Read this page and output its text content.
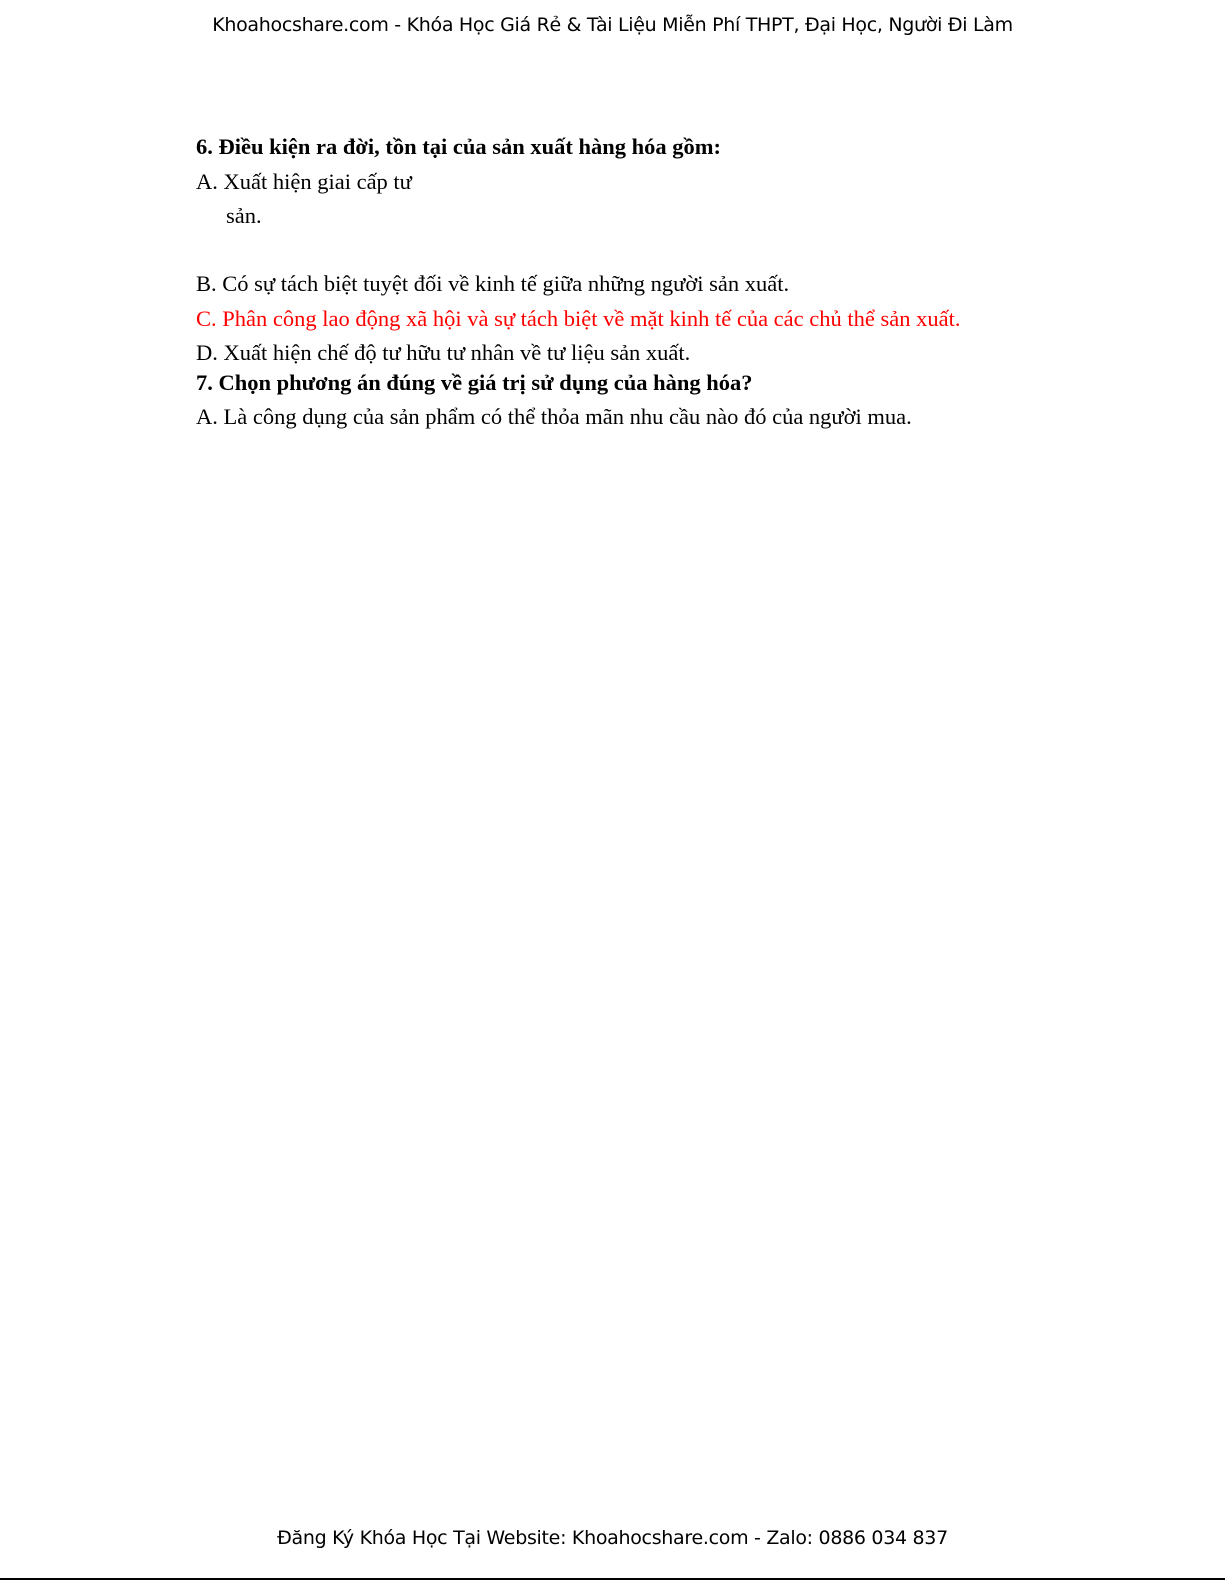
Khoahocshare.com - Khóa Học Giá Rẻ & Tài Liệu Miễn Phí THPT, Đại Học, Người Đi Làm
6. Điều kiện ra đời, tồn tại của sản xuất hàng hóa gồm:
A. Xuất hiện giai cấp tư
sản.
B. Có sự tách biệt tuyệt đối về kinh tế giữa những người sản xuất.
C. Phân công lao động xã hội và sự tách biệt về mặt kinh tế của các chủ thể sản xuất.
D. Xuất hiện chế độ tư hữu tư nhân về tư liệu sản xuất.
7. Chọn phương án đúng về giá trị sử dụng của hàng hóa?
A. Là công dụng của sản phẩm có thể thỏa mãn nhu cầu nào đó của người mua.
Đăng Ký Khóa Học Tại Website: Khoahocshare.com - Zalo: 0886 034 837
